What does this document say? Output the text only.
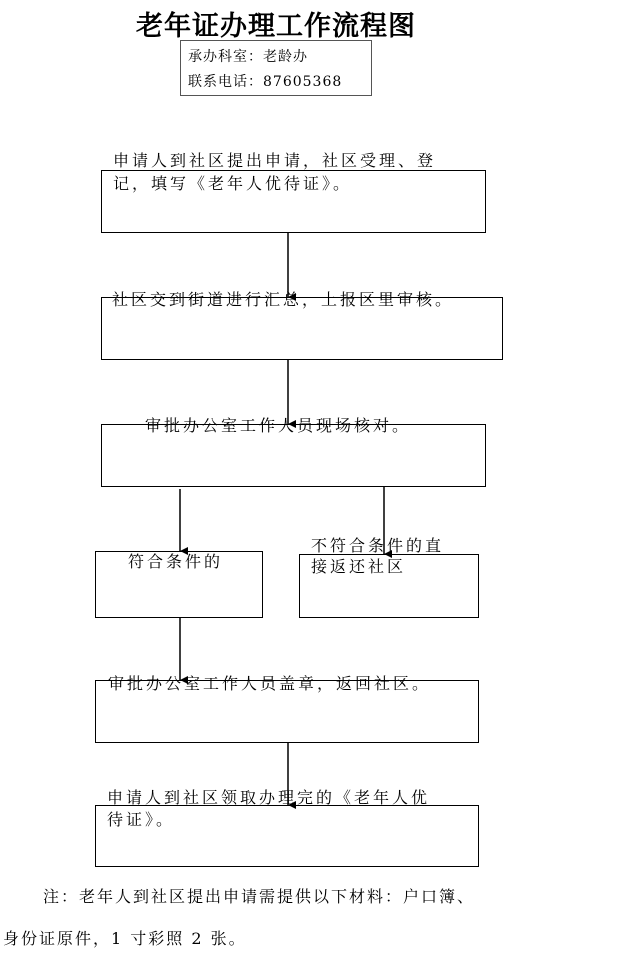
老年证办理工作流程图
承办科室：老龄办
联系电话：87605368
申请人到社区提出申请，社区受理、登
记，填写《老年人优待证》。
社区交到街道进行汇总，上报区里审核。
审批办公室工作人员现场核对。
符合条件的
不符合条件的直
接返还社区
审批办公室工作人员盖章，返回社区。
申请人到社区领取办理完的《老年人优
待证》。
注：老年人到社区提出申请需提供以下材料：户口簿、
身份证原件，1 寸彩照 2 张。
